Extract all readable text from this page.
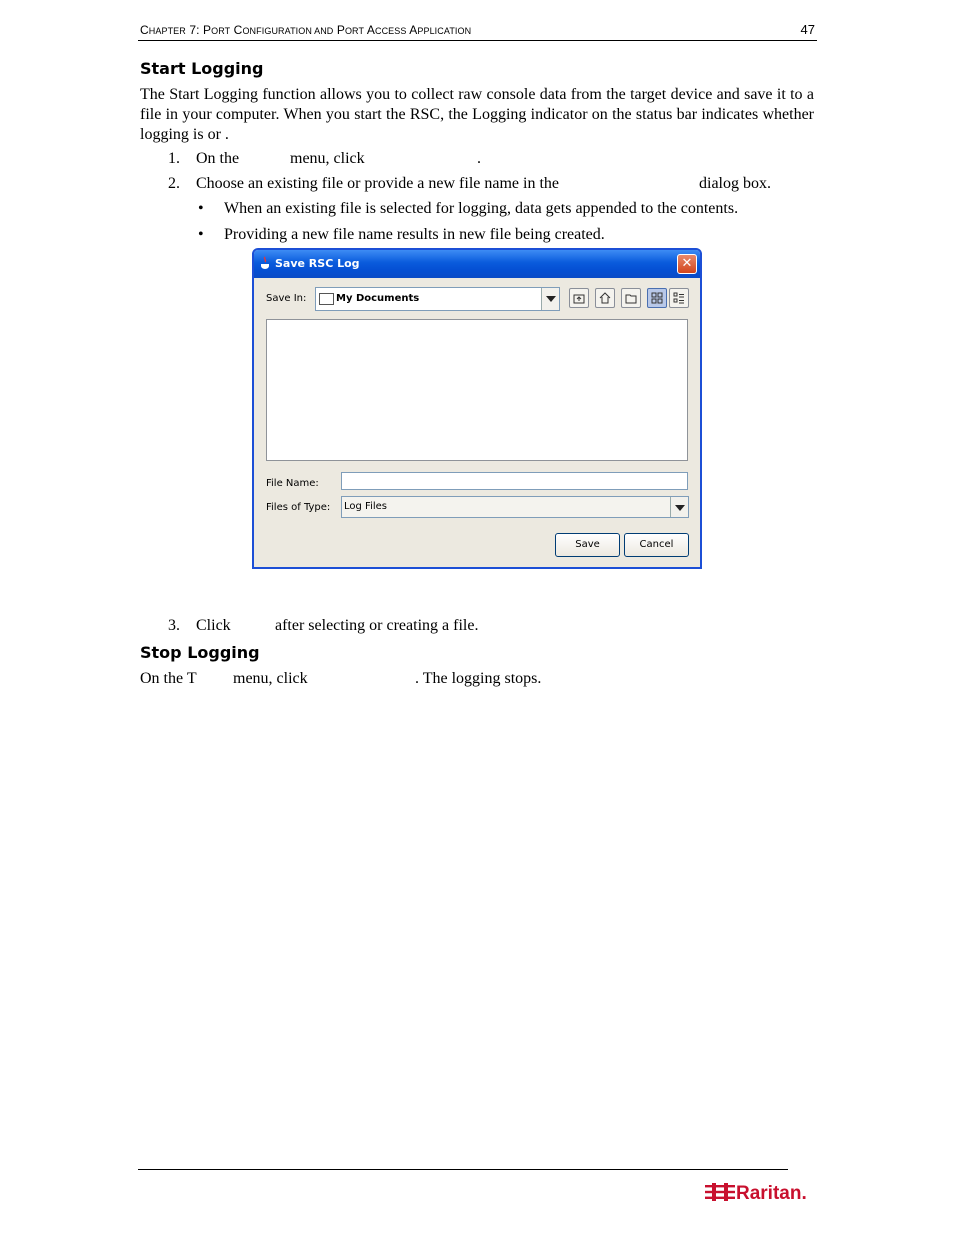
CHAPTER 7: PORT CONFIGURATION AND PORT ACCESS APPLICATION	47
Start Logging
The Start Logging function allows you to collect raw console data from the target device and save it to a file in your computer. When you start the RSC, the Logging indicator on the status bar indicates whether logging is or .
1. On the	menu, click	.
2. Choose an existing file or provide a new file name in the	dialog box.
• When an existing file is selected for logging, data gets appended to the contents.
• Providing a new file name results in new file being created.
Save RSC Log	✕
Save In:	My Documents
File Name:
Files of Type: Log Files
Save	Cancel
3. Click	after selecting or creating a file.
Stop Logging
On the T menu, click	. The logging stops.
Raritan.
